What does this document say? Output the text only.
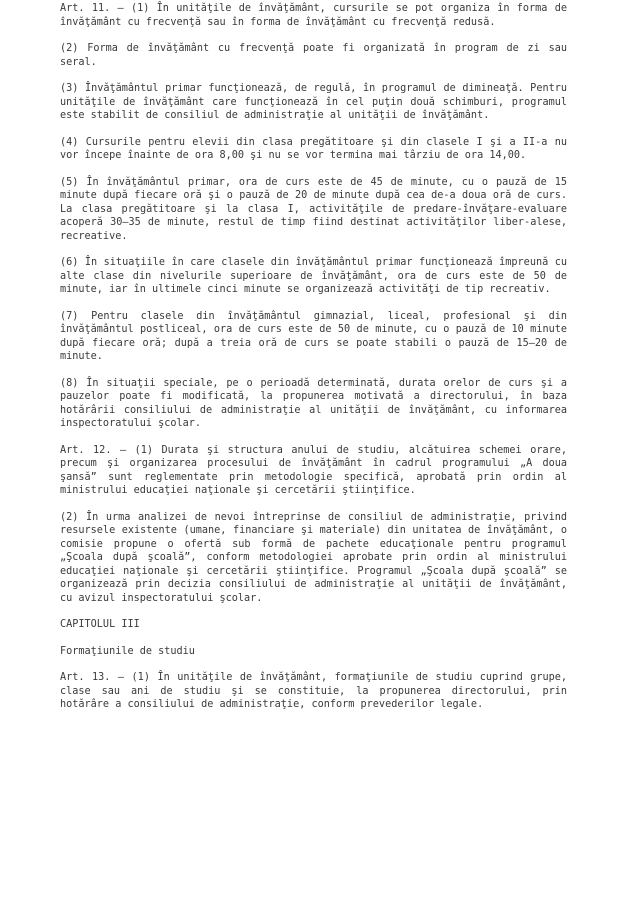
Art. 11. — (1) În unităţile de învăţământ, cursurile se pot organiza în forma de învăţământ cu frecvenţă sau în forma de învăţământ cu frecvenţă redusă.

(2) Forma de învăţământ cu frecvenţă poate fi organizată în program de zi sau seral.

(3) Învăţământul primar funcţionează, de regulă, în programul de dimineaţă. Pentru unităţile de învăţământ care funcţionează în cel puţin două schimburi, programul este stabilit de consiliul de administraţie al unităţii de învăţământ.

(4) Cursurile pentru elevii din clasa pregătitoare şi din clasele I şi a II-a nu vor începe înainte de ora 8,00 şi nu se vor termina mai târziu de ora 14,00.

(5) În învăţământul primar, ora de curs este de 45 de minute, cu o pauză de 15 minute după fiecare oră şi o pauză de 20 de minute după cea de-a doua oră de curs. La clasa pregătitoare şi la clasa I, activităţile de predare-învăţare-evaluare acoperă 30—35 de minute, restul de timp fiind destinat activităţilor liber-alese, recreative.

(6) În situaţiile în care clasele din învăţământul primar funcţionează împreună cu alte clase din nivelurile superioare de învăţământ, ora de curs este de 50 de minute, iar în ultimele cinci minute se organizează activităţi de tip recreativ.

(7) Pentru clasele din învăţământul gimnazial, liceal, profesional şi din învăţământul postliceal, ora de curs este de 50 de minute, cu o pauză de 10 minute după fiecare oră; după a treia oră de curs se poate stabili o pauză de 15—20 de minute.

(8) În situaţii speciale, pe o perioadă determinată, durata orelor de curs şi a pauzelor poate fi modificată, la propunerea motivată a directorului, în baza hotărârii consiliului de administraţie al unităţii de învăţământ, cu informarea inspectoratului şcolar.

Art. 12. — (1) Durata şi structura anului de studiu, alcătuirea schemei orare, precum şi organizarea procesului de învăţământ în cadrul programului „A doua şansă” sunt reglementate prin metodologie specifică, aprobată prin ordin al ministrului educaţiei naţionale şi cercetării ştiinţifice.

(2) În urma analizei de nevoi întreprinse de consiliul de administraţie, privind resursele existente (umane, financiare şi materiale) din unitatea de învăţământ, o comisie propune o ofertă sub formă de pachete educaţionale pentru programul „Şcoala după şcoală”, conform metodologiei aprobate prin ordin al ministrului educaţiei naţionale şi cercetării ştiinţifice. Programul „Şcoala după şcoală” se organizează prin decizia consiliului de administraţie al unităţii de învăţământ, cu avizul inspectoratului şcolar.

CAPITOLUL III

Formaţiunile de studiu

Art. 13. — (1) În unităţile de învăţământ, formaţiunile de studiu cuprind grupe, clase sau ani de studiu şi se constituie, la propunerea directorului, prin hotărâre a consiliului de administraţie, conform prevederilor legale.
